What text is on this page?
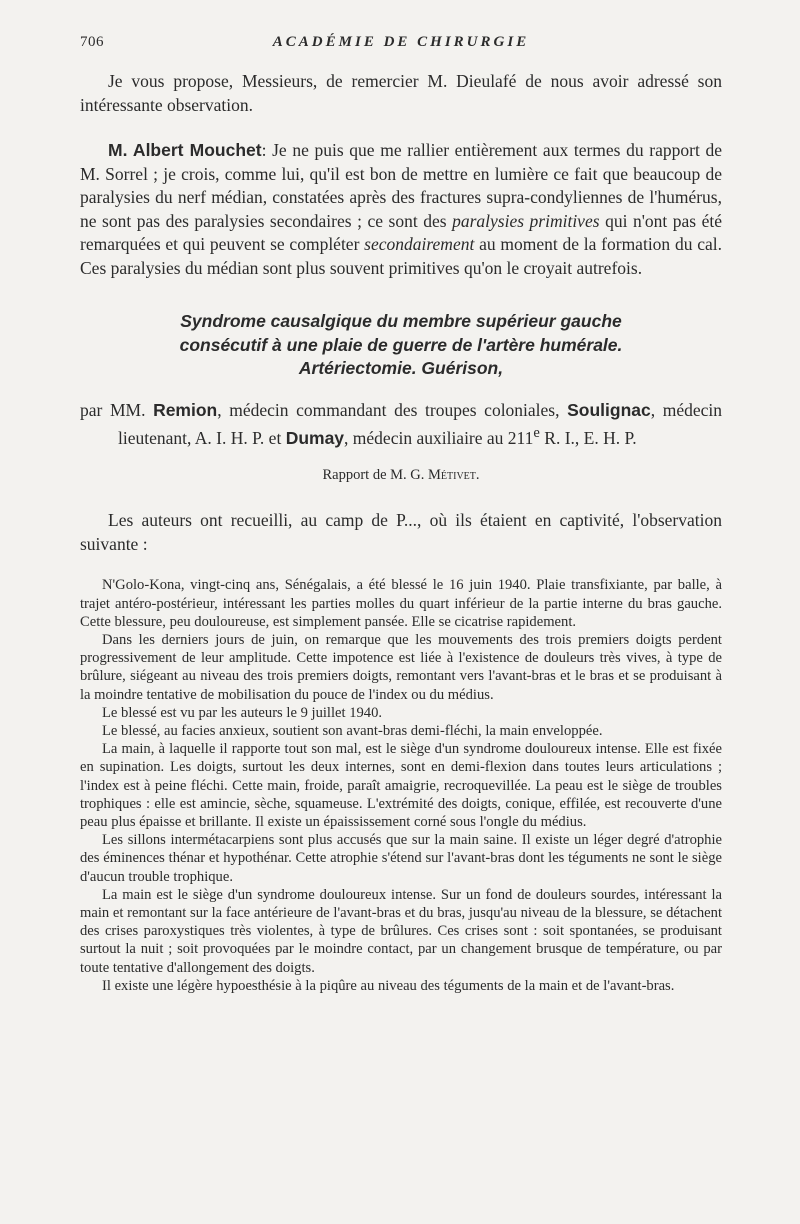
706	ACADÉMIE DE CHIRURGIE

Je vous propose, Messieurs, de remercier M. Dieulafé de nous avoir adressé son intéressante observation.

M. Albert Mouchet: Je ne puis que me rallier entièrement aux termes du rapport de M. Sorrel ; je crois, comme lui, qu'il est bon de mettre en lumière ce fait que beaucoup de paralysies du nerf médian, constatées après des fractures supra-condyliennes de l'humérus, ne sont pas des paralysies secondaires ; ce sont des paralysies primitives qui n'ont pas été remarquées et qui peuvent se compléter secondairement au moment de la formation du cal. Ces paralysies du médian sont plus souvent primitives qu'on le croyait autrefois.

Syndrome causalgique du membre supérieur gauche
consécutif à une plaie de guerre de l'artère humérale.
Artériectomie. Guérison,

par MM. Remion, médecin commandant des troupes coloniales, Soulignac, médecin lieutenant, A. I. H. P. et Dumay, médecin auxiliaire au 211e R. I., E. H. P.

Rapport de M. G. Métivet.

Les auteurs ont recueilli, au camp de P..., où ils étaient en captivité, l'observation suivante :

N'Golo-Kona, vingt-cinq ans, Sénégalais, a été blessé le 16 juin 1940. Plaie transfixiante, par balle, à trajet antéro-postérieur, intéressant les parties molles du quart inférieur de la partie interne du bras gauche. Cette blessure, peu douloureuse, est simplement pansée. Elle se cicatrise rapidement.

Dans les derniers jours de juin, on remarque que les mouvements des trois premiers doigts perdent progressivement de leur amplitude. Cette impotence est liée à l'existence de douleurs très vives, à type de brûlure, siégeant au niveau des trois premiers doigts, remontant vers l'avant-bras et le bras et se produisant à la moindre tentative de mobilisation du pouce de l'index ou du médius.

Le blessé est vu par les auteurs le 9 juillet 1940.

Le blessé, au facies anxieux, soutient son avant-bras demi-fléchi, la main enveloppée.

La main, à laquelle il rapporte tout son mal, est le siège d'un syndrome douloureux intense. Elle est fixée en supination. Les doigts, surtout les deux internes, sont en demi-flexion dans toutes leurs articulations ; l'index est à peine fléchi. Cette main, froide, paraît amaigrie, recroquevillée. La peau est le siège de troubles trophiques : elle est amincie, sèche, squameuse. L'extrémité des doigts, conique, effilée, est recouverte d'une peau plus épaisse et brillante. Il existe un épaississement corné sous l'ongle du médius.

Les sillons intermétacarpiens sont plus accusés que sur la main saine. Il existe un léger degré d'atrophie des éminences thénar et hypothénar. Cette atrophie s'étend sur l'avant-bras dont les téguments ne sont le siège d'aucun trouble trophique.

La main est le siège d'un syndrome douloureux intense. Sur un fond de douleurs sourdes, intéressant la main et remontant sur la face antérieure de l'avant-bras et du bras, jusqu'au niveau de la blessure, se détachent des crises paroxystiques très violentes, à type de brûlures. Ces crises sont : soit spontanées, se produisant surtout la nuit ; soit provoquées par le moindre contact, par un changement brusque de température, ou par toute tentative d'allongement des doigts.

Il existe une légère hypoesthésie à la piqûre au niveau des téguments de la main et de l'avant-bras.
